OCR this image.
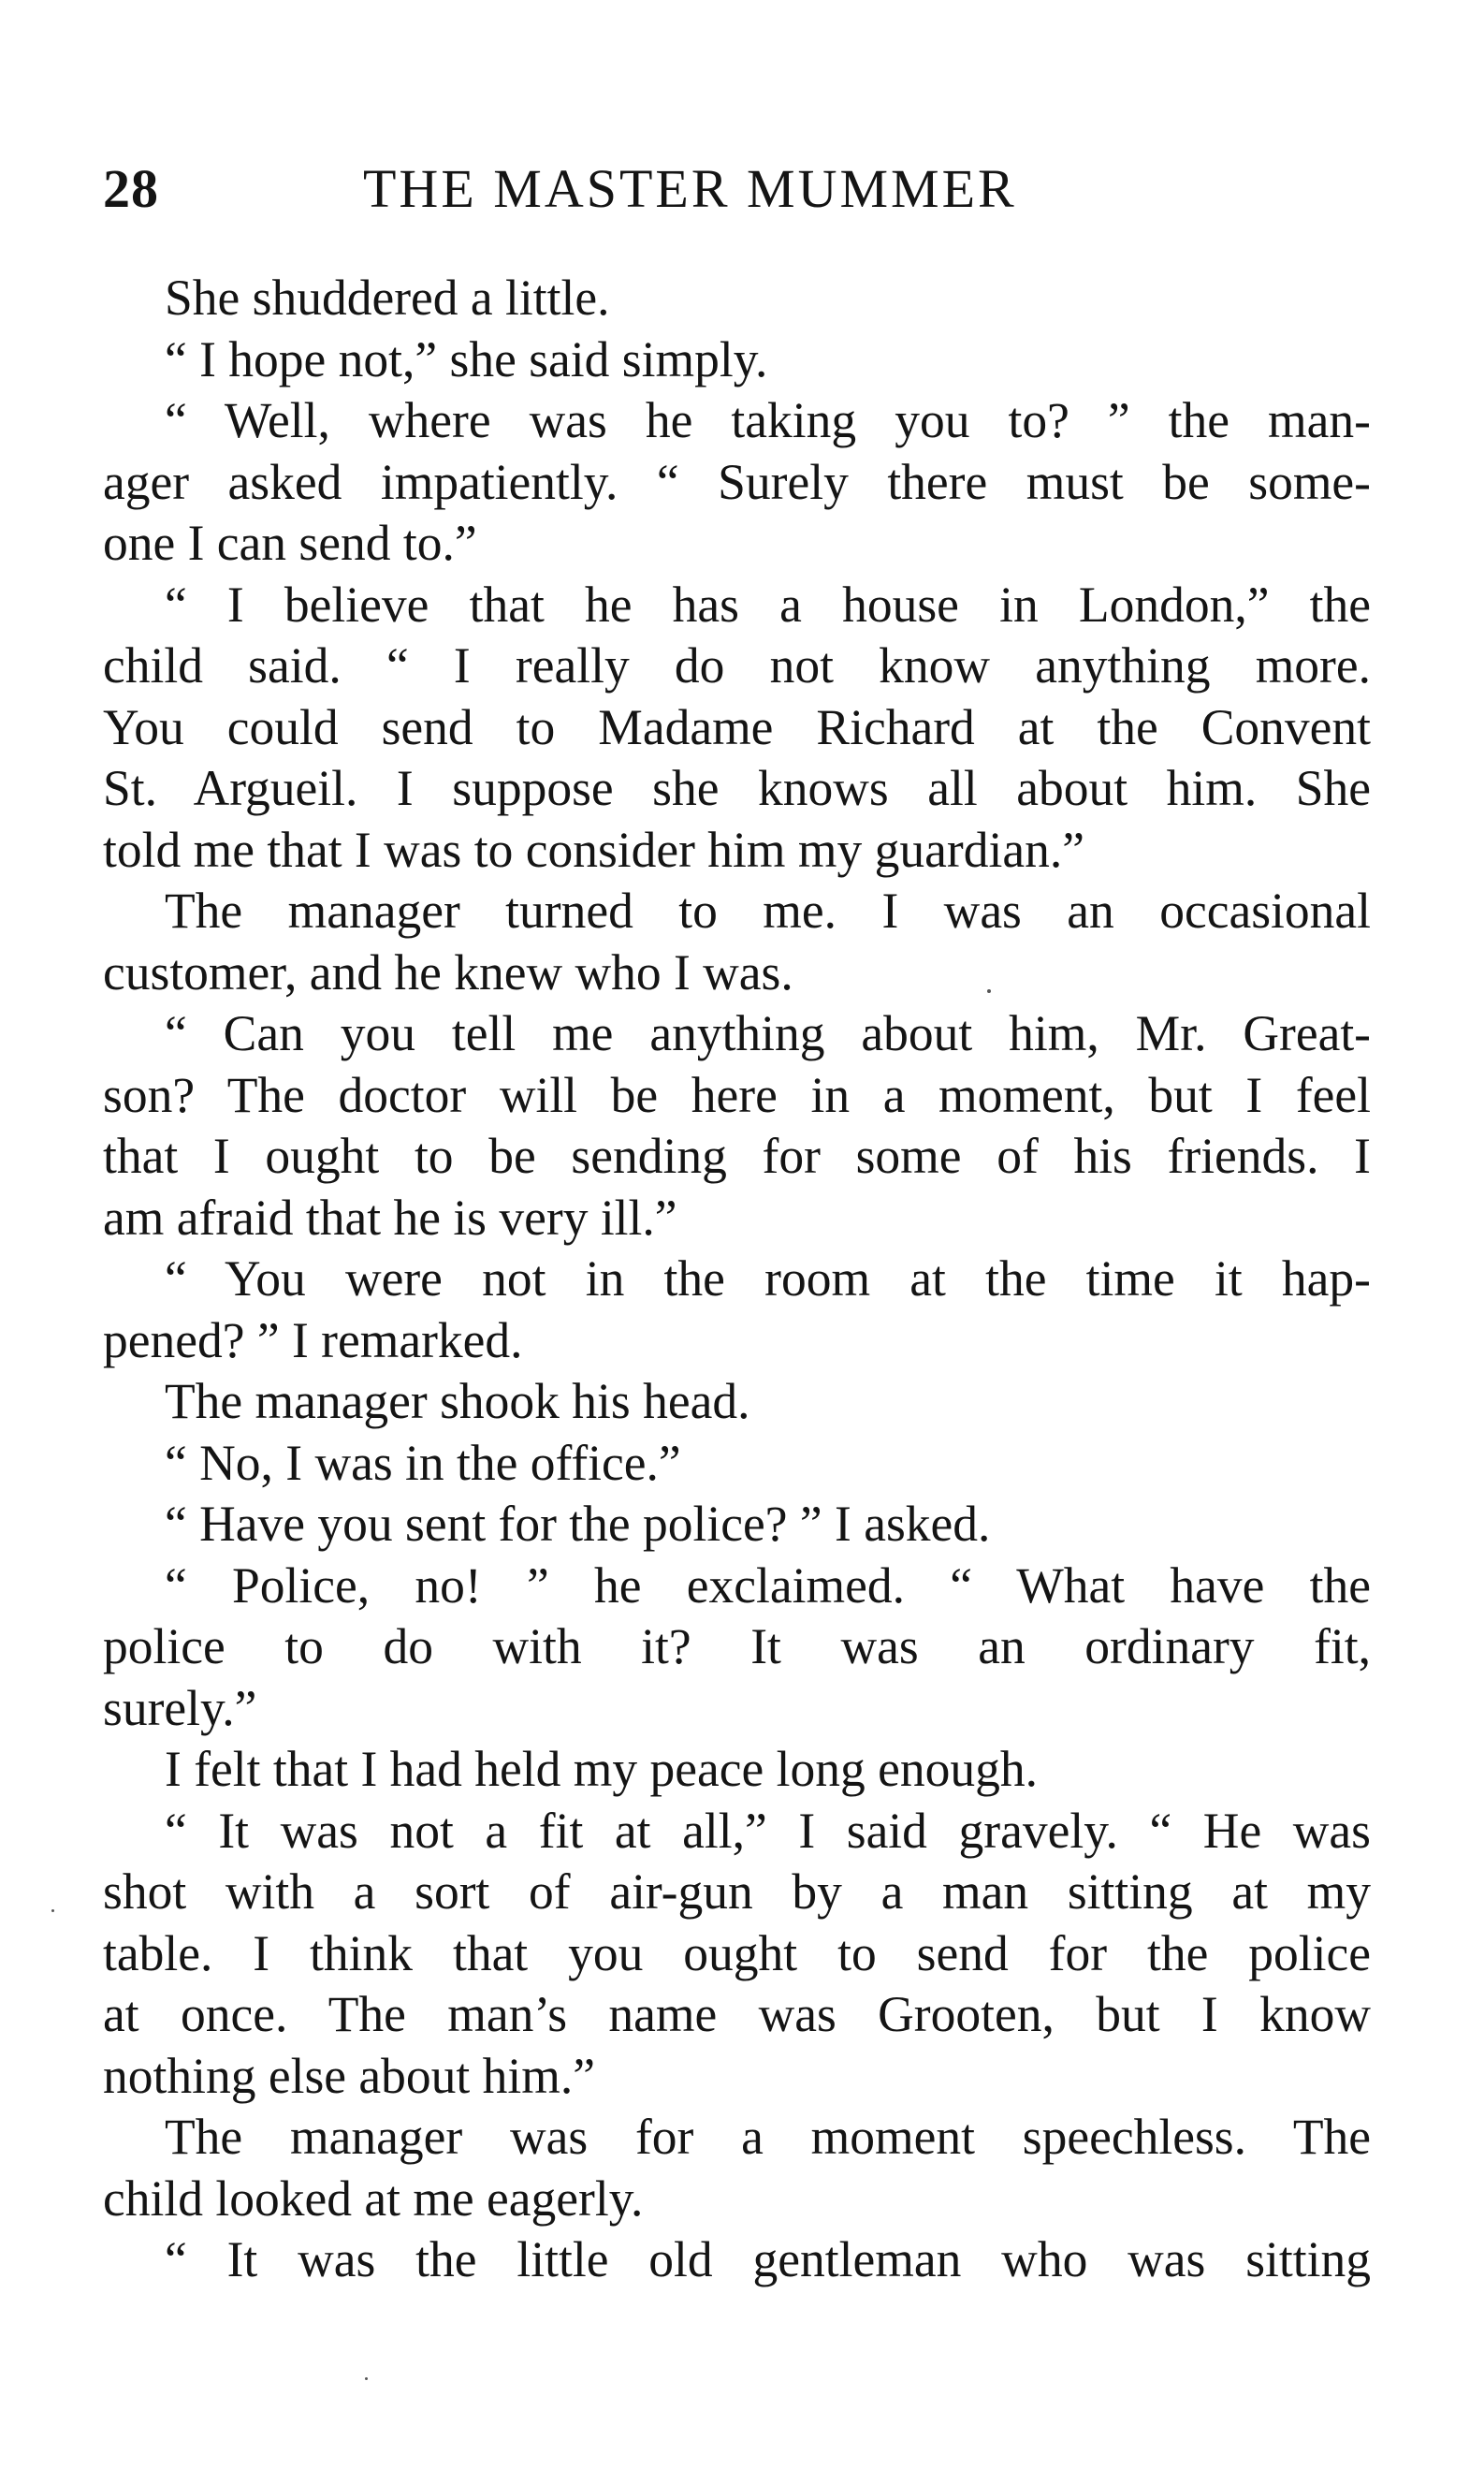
28	THE MASTER MUMMER
She shuddered a little.
“ I hope not,” she said simply.
“ Well, where was he taking you to? ” the man-
ager asked impatiently. “ Surely there must be some-
one I can send to.”
“ I believe that he has a house in London,” the
child said. “ I really do not know anything more.
You could send to Madame Richard at the Convent
St. Argueil. I suppose she knows all about him. She
told me that I was to consider him my guardian.”
The manager turned to me. I was an occasional
customer, and he knew who I was.
“ Can you tell me anything about him, Mr. Great-
son? The doctor will be here in a moment, but I feel
that I ought to be sending for some of his friends. I
am afraid that he is very ill.”
“ You were not in the room at the time it hap-
pened? ” I remarked.
The manager shook his head.
“ No, I was in the office.”
“ Have you sent for the police? ” I asked.
“ Police, no! ” he exclaimed. “ What have the
police to do with it? It was an ordinary fit,
surely.”
I felt that I had held my peace long enough.
“ It was not a fit at all,” I said gravely. “ He was
shot with a sort of air-gun by a man sitting at my
table. I think that you ought to send for the police
at once. The man’s name was Grooten, but I know
nothing else about him.”
The manager was for a moment speechless. The
child looked at me eagerly.
“ It was the little old gentleman who was sitting
